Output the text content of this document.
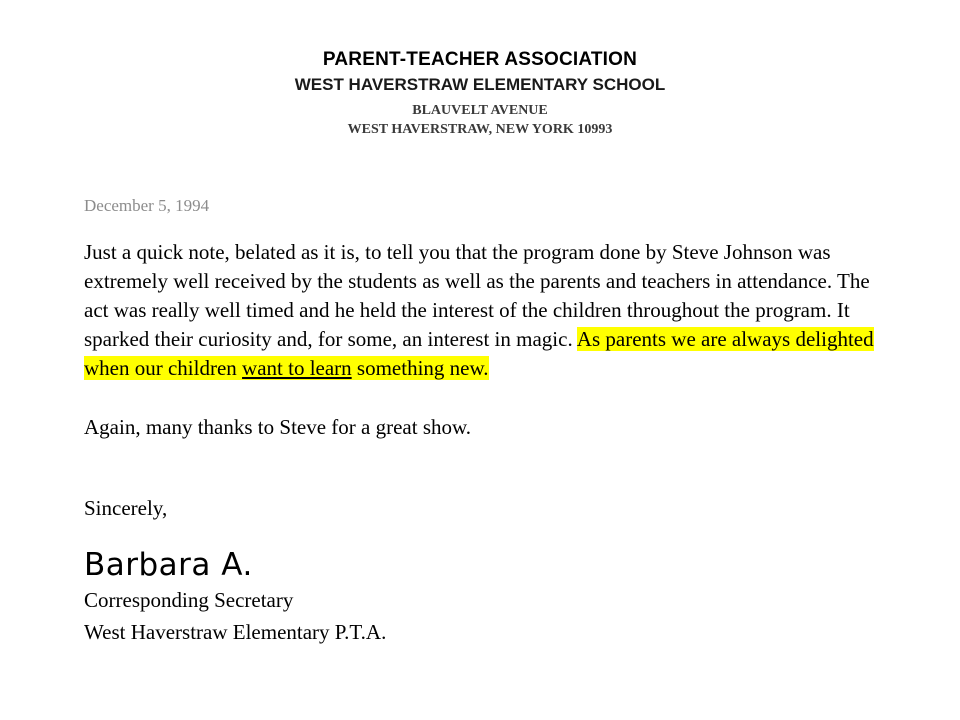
PARENT-TEACHER ASSOCIATION
WEST HAVERSTRAW ELEMENTARY SCHOOL
BLAUVELT AVENUE
WEST HAVERSTRAW, NEW YORK 10993
December 5, 1994
Just a quick note, belated as it is, to tell you that the program done by Steve Johnson was extremely well received by the students as well as the parents and teachers in attendance. The act was really well timed and he held the interest of the children throughout the program. It sparked their curiosity and, for some, an interest in magic. As parents we are always delighted when our children want to learn something new.
Again, many thanks to Steve for a great show.
Sincerely,
Barbara A.
Corresponding Secretary
West Haverstraw Elementary P.T.A.
